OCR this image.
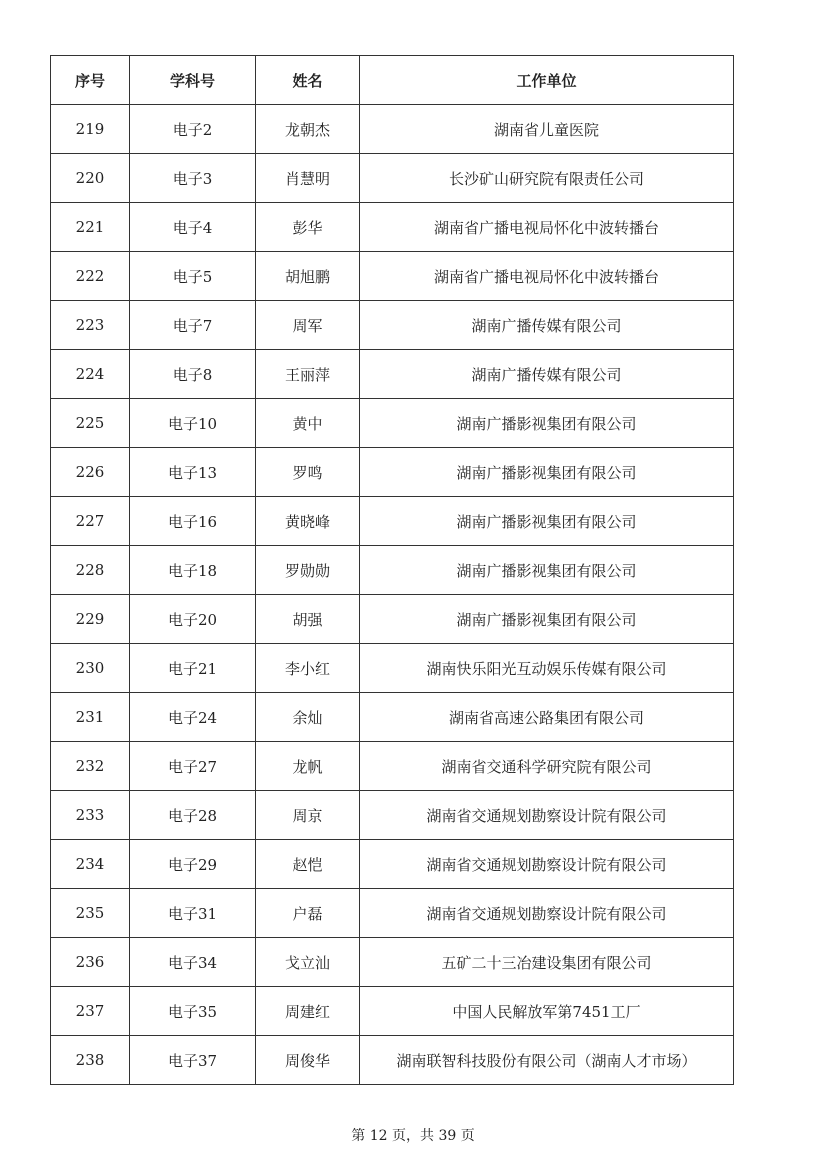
序号	学科号	姓名	工作单位
219	电子2	龙朝杰	湖南省儿童医院
220	电子3	肖慧明	长沙矿山研究院有限责任公司
221	电子4	彭华	湖南省广播电视局怀化中波转播台
222	电子5	胡旭鹏	湖南省广播电视局怀化中波转播台
223	电子7	周军	湖南广播传媒有限公司
224	电子8	王丽萍	湖南广播传媒有限公司
225	电子10	黄中	湖南广播影视集团有限公司
226	电子13	罗鸣	湖南广播影视集团有限公司
227	电子16	黄晓峰	湖南广播影视集团有限公司
228	电子18	罗勋勋	湖南广播影视集团有限公司
229	电子20	胡强	湖南广播影视集团有限公司
230	电子21	李小红	湖南快乐阳光互动娱乐传媒有限公司
231	电子24	余灿	湖南省高速公路集团有限公司
232	电子27	龙帆	湖南省交通科学研究院有限公司
233	电子28	周京	湖南省交通规划勘察设计院有限公司
234	电子29	赵恺	湖南省交通规划勘察设计院有限公司
235	电子31	户磊	湖南省交通规划勘察设计院有限公司
236	电子34	戈立汕	五矿二十三冶建设集团有限公司
237	电子35	周建红	中国人民解放军第7451工厂
238	电子37	周俊华	湖南联智科技股份有限公司（湖南人才市场）
第 12 页，共 39 页
